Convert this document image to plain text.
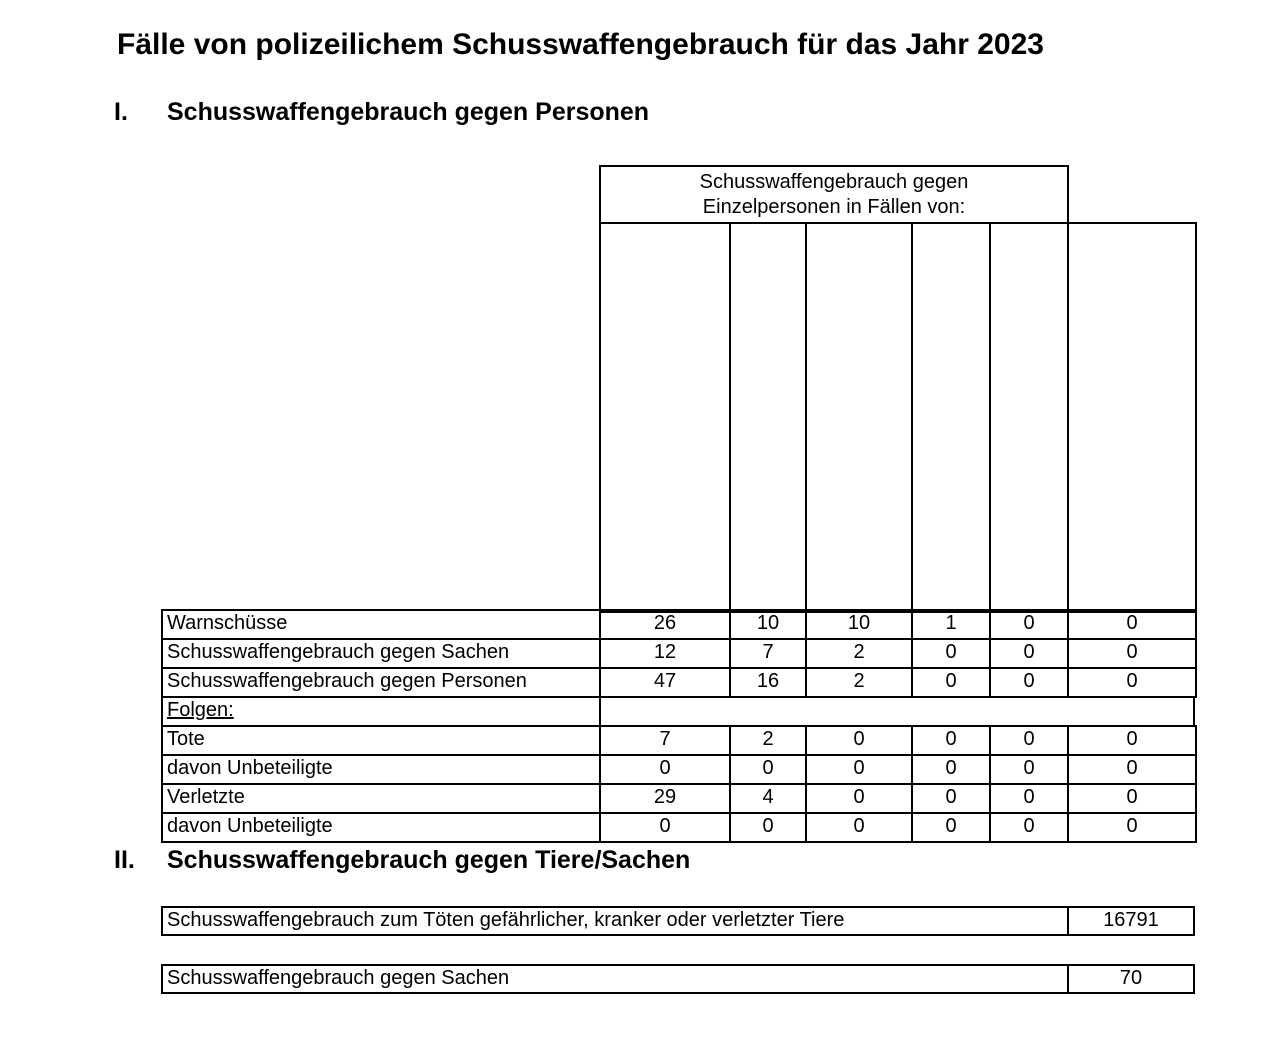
Fälle von polizeilichem Schusswaffengebrauch für das Jahr 2023
I. Schusswaffengebrauch gegen Personen
Schusswaffengebrauch gegen
Einzelpersonen in Fällen von:
Warnschüsse	26	10	10	1	0	0
Schusswaffengebrauch gegen Sachen	12	7	2	0	0	0
Schusswaffengebrauch gegen Personen	47	16	2	0	0	0
Folgen:
Tote	7	2	0	0	0	0
davon Unbeteiligte	0	0	0	0	0	0
Verletzte	29	4	0	0	0	0
davon Unbeteiligte	0	0	0	0	0	0
II. Schusswaffengebrauch gegen Tiere/Sachen
Schusswaffengebrauch zum Töten gefährlicher, kranker oder verletzter Tiere	16791
Schusswaffengebrauch gegen Sachen	70
